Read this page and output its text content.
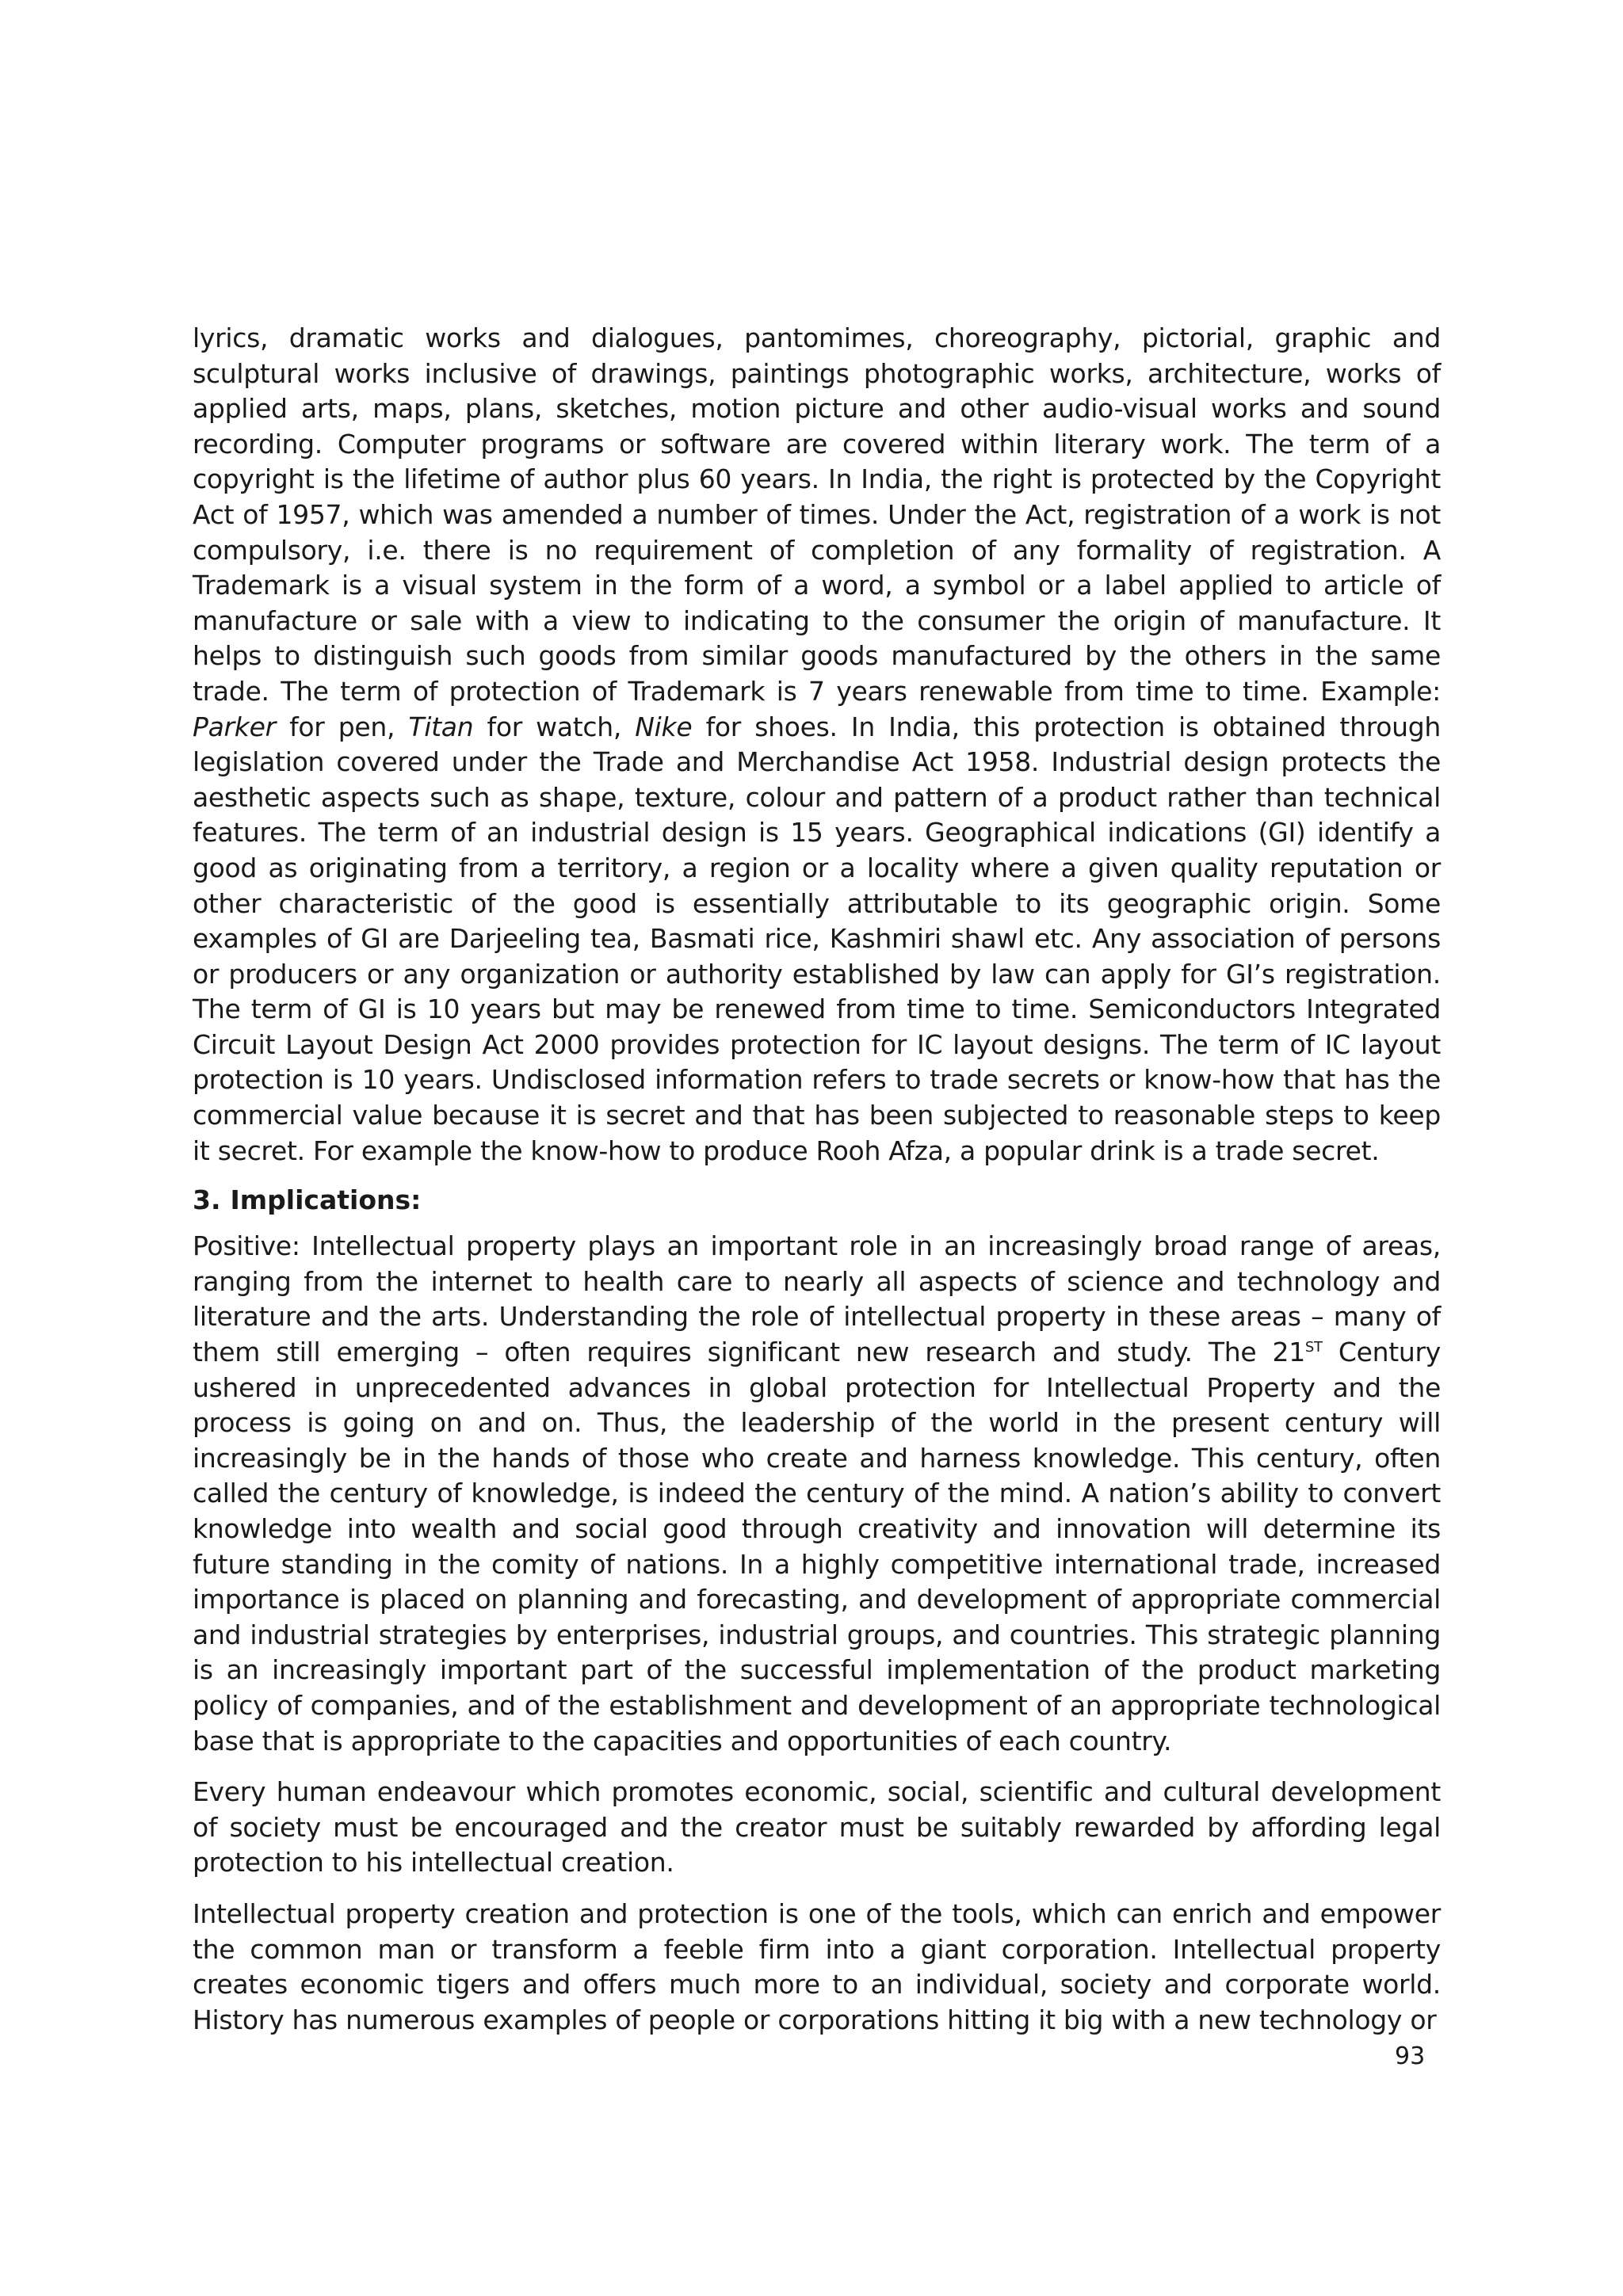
lyrics, dramatic works and dialogues, pantomimes, choreography, pictorial, graphic and sculptural works inclusive of drawings, paintings photographic works, architecture, works of applied arts, maps, plans, sketches, motion picture and other audio-visual works and sound recording. Computer programs or software are covered within literary work. The term of a copyright is the lifetime of author plus 60 years. In India, the right is protected by the Copyright Act of 1957, which was amended a number of times. Under the Act, registration of a work is not compulsory, i.e. there is no requirement of completion of any formality of registration. A Trademark is a visual system in the form of a word, a symbol or a label applied to article of manufacture or sale with a view to indicating to the consumer the origin of manufacture. It helps to distinguish such goods from similar goods manufactured by the others in the same trade. The term of protection of Trademark is 7 years renewable from time to time. Example: Parker for pen, Titan for watch, Nike for shoes. In India, this protection is obtained through legislation covered under the Trade and Merchandise Act 1958. Industrial design protects the aesthetic aspects such as shape, texture, colour and pattern of a product rather than technical features. The term of an industrial design is 15 years. Geographical indications (GI) identify a good as originating from a territory, a region or a locality where a given quality reputation or other characteristic of the good is essentially attributable to its geographic origin. Some examples of GI are Darjeeling tea, Basmati rice, Kashmiri shawl etc. Any association of persons or producers or any organization or authority established by law can apply for GI’s registration. The term of GI is 10 years but may be renewed from time to time. Semiconductors Integrated Circuit Layout Design Act 2000 provides protection for IC layout designs. The term of IC layout protection is 10 years. Undisclosed information refers to trade secrets or know-how that has the commercial value because it is secret and that has been subjected to reasonable steps to keep it secret. For example the know-how to produce Rooh Afza, a popular drink is a trade secret.

3. Implications:

Positive: Intellectual property plays an important role in an increasingly broad range of areas, ranging from the internet to health care to nearly all aspects of science and technology and literature and the arts. Understanding the role of intellectual property in these areas – many of them still emerging – often requires significant new research and study. The 21ST Century ushered in unprecedented advances in global protection for Intellectual Property and the process is going on and on. Thus, the leadership of the world in the present century will increasingly be in the hands of those who create and harness knowledge. This century, often called the century of knowledge, is indeed the century of the mind. A nation’s ability to convert knowledge into wealth and social good through creativity and innovation will determine its future standing in the comity of nations. In a highly competitive international trade, increased importance is placed on planning and forecasting, and development of appropriate commercial and industrial strategies by enterprises, industrial groups, and countries. This strategic planning is an increasingly important part of the successful implementation of the product marketing policy of companies, and of the establishment and development of an appropriate technological base that is appropriate to the capacities and opportunities of each country.

Every human endeavour which promotes economic, social, scientific and cultural development of society must be encouraged and the creator must be suitably rewarded by affording legal protection to his intellectual creation.

Intellectual property creation and protection is one of the tools, which can enrich and empower the common man or transform a feeble firm into a giant corporation. Intellectual property creates economic tigers and offers much more to an individual, society and corporate world. History has numerous examples of people or corporations hitting it big with a new technology or

93
